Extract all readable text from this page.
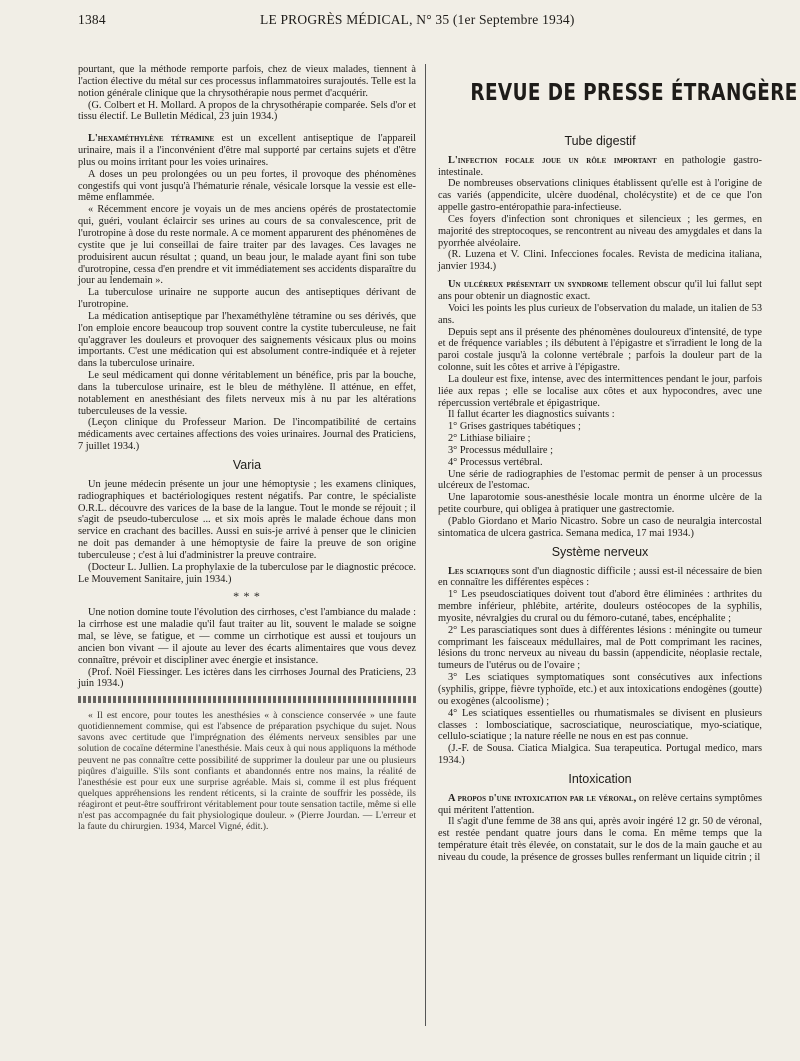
1384	LE PROGRÈS MÉDICAL, N° 35 (1er Septembre 1934)

pourtant, que la méthode remporte parfois, chez de vieux malades, tiennent à l'action élective du métal sur ces processus inflammatoires surajoutés. Telle est la notion générale clinique que la chrysothérapie nous permet d'acquérir.

(G. Colbert et H. Mollard. A propos de la chrysothérapie comparée. Sels d'or et tissu électif. Le Bulletin Médical, 23 juin 1934.)

L'hexaméthylène tétramine est un excellent antiseptique de l'appareil urinaire, mais il a l'inconvénient d'être mal supporté par certains sujets et d'être plus ou moins irritant pour les voies urinaires.

A doses un peu prolongées ou un peu fortes, il provoque des phénomènes congestifs qui vont jusqu'à l'hématurie rénale, vésicale lorsque la vessie est elle-même enflammée.

« Récemment encore je voyais un de mes anciens opérés de prostatectomie qui, guéri, voulant éclaircir ses urines au cours de sa convalescence, prit de l'urotropine à dose du reste normale. A ce moment apparurent des phénomènes de cystite que je lui conseillai de faire traiter par des lavages. Ces lavages ne produisirent aucun résultat ; quand, un beau jour, le malade ayant fini son tube d'urotropine, cessa d'en prendre et vit immédiatement ses accidents disparaître du jour au lendemain ».

La tuberculose urinaire ne supporte aucun des antiseptiques dérivant de l'urotropine.

La médication antiseptique par l'hexaméthylène tétramine ou ses dérivés, que l'on emploie encore beaucoup trop souvent contre la cystite tuberculeuse, ne fait qu'aggraver les douleurs et provoquer des saignements vésicaux plus ou moins importants. C'est une médication qui est absolument contre-indiquée et à rejeter dans la tuberculose urinaire.

Le seul médicament qui donne véritablement un bénéfice, pris par la bouche, dans la tuberculose urinaire, est le bleu de méthylène. Il atténue, en effet, notablement en anesthésiant des filets nerveux mis à nu par les altérations tuberculeuses de la vessie.

(Leçon clinique du Professeur Marion. De l'incompatibilité de certains médicaments avec certaines affections des voies urinaires. Journal des Praticiens, 7 juillet 1934.)

Varia

Un jeune médecin présente un jour une hémoptysie ; les examens cliniques, radiographiques et bactériologiques restent négatifs. Par contre, le spécialiste O.R.L. découvre des varices de la base de la langue. Tout le monde se réjouit ; il s'agit de pseudo-tuberculose ... et six mois après le malade échoue dans mon service en crachant des bacilles. Aussi en suis-je arrivé à penser que le clinicien ne doit pas demander à une hémoptysie de faire la preuve de son origine tuberculeuse ; c'est à lui d'administrer la preuve contraire.

(Docteur L. Jullien. La prophylaxie de la tuberculose par le diagnostic précoce. Le Mouvement Sanitaire, juin 1934.)

* * *

Une notion domine toute l'évolution des cirrhoses, c'est l'ambiance du malade : la cirrhose est une maladie qu'il faut traiter au lit, souvent le malade se soigne mal, se lève, se fatigue, et — comme un cirrhotique est aussi et toujours un ancien bon vivant — il ajoute au lever des écarts alimentaires que vous devez connaître, prévoir et discipliner avec énergie et insistance.

(Prof. Noël Fiessinger. Les ictères dans les cirrhoses Journal des Praticiens, 23 juin 1934.)

« Il est encore, pour toutes les anesthésies « à conscience conservée » une faute quotidiennement commise, qui est l'absence de préparation psychique du sujet. Nous savons avec certitude que l'imprégnation des éléments nerveux sensibles par une solution de cocaïne détermine l'anesthésie. Mais ceux à qui nous appliquons la méthode peuvent ne pas connaître cette possibilité de supprimer la douleur par une ou plusieurs piqûres d'aiguille. S'ils sont confiants et abandonnés entre nos mains, la réalité de l'anesthésie est pour eux une surprise agréable. Mais si, comme il est plus fréquent quelques appréhensions les rendent réticents, si la crainte de souffrir les possède, ils réagiront et peut-être souffriront véritablement pour toute sensation tactile, même si elle n'est pas accompagnée du fait physiologique douleur. » (Pierre Jourdan. — L'erreur et la faute du chirurgien. 1934, Marcel Vigné, édit.).

REVUE DE PRESSE ÉTRANGÈRE
Tube digestif

L'infection focale joue un rôle important en pathologie gastro-intestinale.

De nombreuses observations cliniques établissent qu'elle est à l'origine de cas variés (appendicite, ulcère duodénal, cholécystite) et de ce que l'on appelle gastro-entéropathie para-infectieuse.

Ces foyers d'infection sont chroniques et silencieux ; les germes, en majorité des streptocoques, se rencontrent au niveau des amygdales et dans la pyorrhée alvéolaire.

(R. Luzena et V. Clini. Infecciones focales. Revista de medicina italiana, janvier 1934.)

Un ulcéreux présentait un syndrome tellement obscur qu'il lui fallut sept ans pour obtenir un diagnostic exact.

Voici les points les plus curieux de l'observation du malade, un italien de 53 ans.

Depuis sept ans il présente des phénomènes douloureux d'intensité, de type et de fréquence variables ; ils débutent à l'épigastre et s'irradient le long de la paroi costale jusqu'à la colonne vertébrale ; parfois la douleur part de la colonne, suit les côtes et arrive à l'épigastre.

La douleur est fixe, intense, avec des intermittences pendant le jour, parfois liée aux repas ; elle se localise aux côtes et aux hypocondres, avec une répercussion vertébrale et épigastrique.

Il fallut écarter les diagnostics suivants :

1° Grises gastriques tabétiques ;

2° Lithiase biliaire ;

3° Processus médullaire ;

4° Processus vertébral.

Une série de radiographies de l'estomac permit de penser à un processus ulcéreux de l'estomac.

Une laparotomie sous-anesthésie locale montra un énorme ulcère de la petite courbure, qui obligea à pratiquer une gastrectomie.

(Pablo Giordano et Mario Nicastro. Sobre un caso de neuralgia intercostal sintomatica de ulcera gastrica. Semana medica, 17 mai 1934.)

Système nerveux

Les sciatiques sont d'un diagnostic difficile ; aussi est-il nécessaire de bien en connaître les différentes espèces :

1° Les pseudosciatiques doivent tout d'abord être éliminées : arthrites du membre inférieur, phlébite, artérite, douleurs ostéocopes de la syphilis, myosite, névralgies du crural ou du fémoro-cutané, tabes, encéphalite ;

2° Les parasciatiques sont dues à différentes lésions : méningite ou tumeur comprimant les faisceaux médullaires, mal de Pott comprimant les racines, lésions du tronc nerveux au niveau du bassin (appendicite, néoplasie rectale, tumeurs de l'utérus ou de l'ovaire ;

3° Les sciatiques symptomatiques sont consécutives aux infections (syphilis, grippe, fièvre typhoïde, etc.) et aux intoxications endogènes (goutte) ou exogènes (alcoolisme) ;

4° Les sciatiques essentielles ou rhumatismales se divisent en plusieurs classes : lombosciatique, sacrosciatique, neurosciatique, myo-sciatique, cellulo-sciatique ; la nature réelle ne nous en est pas connue.

(J.-F. de Sousa. Ciatica Mialgica. Sua terapeutica. Portugal medico, mars 1934.)

Intoxication

A propos d'une intoxication par le véronal, on relève certains symptômes qui méritent l'attention.

Il s'agit d'une femme de 38 ans qui, après avoir ingéré 12 gr. 50 de véronal, est restée pendant quatre jours dans le coma. En même temps que la température était très élevée, on constatait, sur le dos de la main gauche et au niveau du coude, la présence de grosses bulles renfermant un liquide citrin ; il
